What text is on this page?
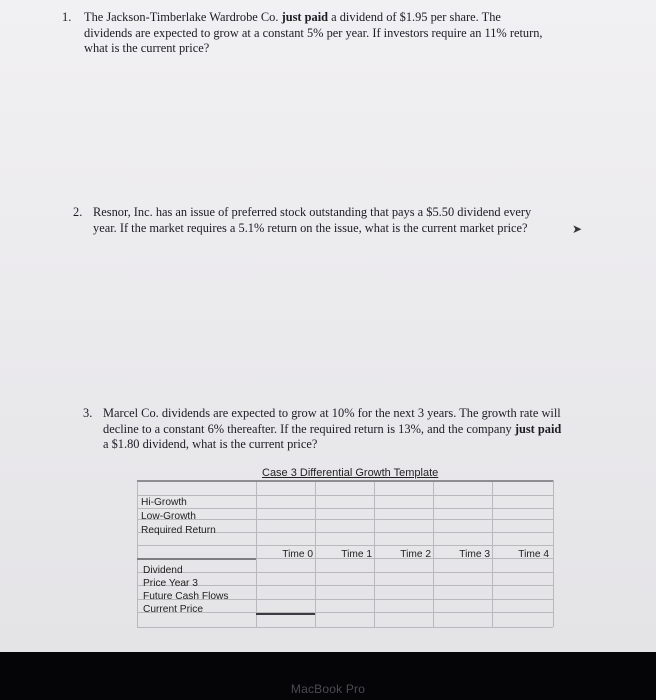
1. The Jackson-Timberlake Wardrobe Co. just paid a dividend of $1.95 per share. The
dividends are expected to grow at a constant 5% per year. If investors require an 11% return,
what is the current price?
2. Resnor, Inc. has an issue of preferred stock outstanding that pays a $5.50 dividend every
year. If the market requires a 5.1% return on the issue, what is the current market price?	➤
3. Marcel Co. dividends are expected to grow at 10% for the next 3 years. The growth rate will
decline to a constant 6% thereafter. If the required return is 13%, and the company just paid
a $1.80 dividend, what is the current price?
Case 3 Differential Growth Template
Hi-Growth
Low-Growth
Required Return
Time 0	Time 1	Time 2	Time 3	Time 4
Dividend
Price Year 3
Future Cash Flows
Current Price
MacBook Pro
